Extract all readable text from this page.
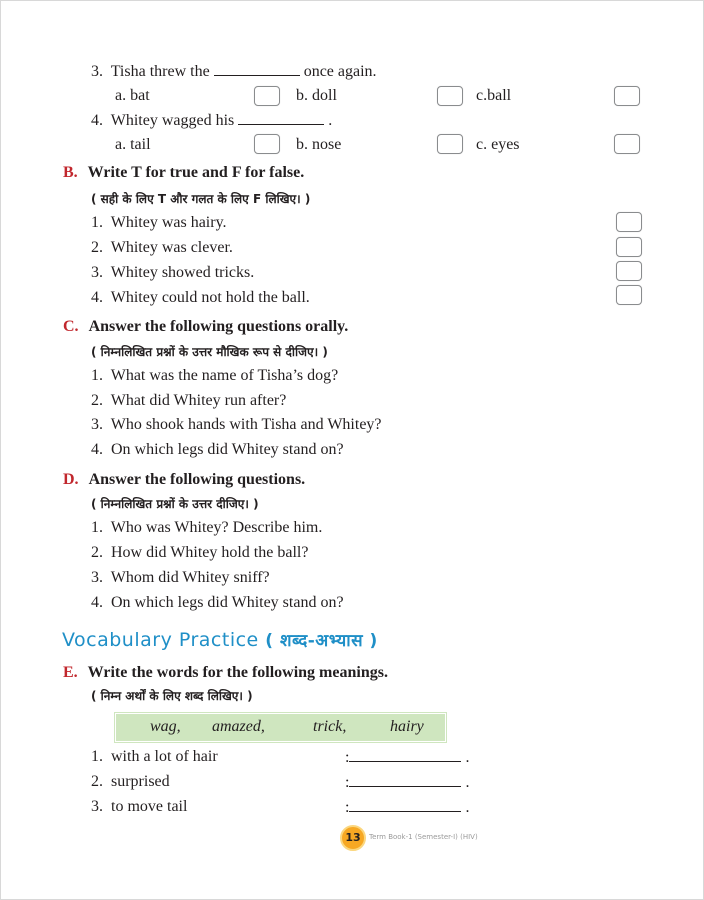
3. Tisha threw the	once again.
a. bat	b. doll	c.ball
4. Whitey wagged his	.
a. tail	b. nose	c. eyes
B. Write T for true and F for false.
( सही के लिए T और गलत के लिए F लिखिए। )
1. Whitey was hairy.
2. Whitey was clever.
3. Whitey showed tricks.
4. Whitey could not hold the ball.
C. Answer the following questions orally.
( निम्नलिखित प्रश्नों के उत्तर मौखिक रूप से दीजिए। )
1. What was the name of Tisha’s dog?
2. What did Whitey run after?
3. Who shook hands with Tisha and Whitey?
4. On which legs did Whitey stand on?
D. Answer the following questions.
( निम्नलिखित प्रश्नों के उत्तर दीजिए। )
1. Who was Whitey? Describe him.
2. How did Whitey hold the ball?
3. Whom did Whitey sniff?
4. On which legs did Whitey stand on?
Vocabulary Practice ( शब्द-अभ्यास )
E. Write the words for the following meanings.
( निम्न अर्थों के लिए शब्द लिखिए। )
wag, amazed,	trick,	hairy
1. with a lot of hair	:	.
2. surprised	:	.
3. to move tail	:	.
13	Term Book-1 (Semester-I) (HIV)
